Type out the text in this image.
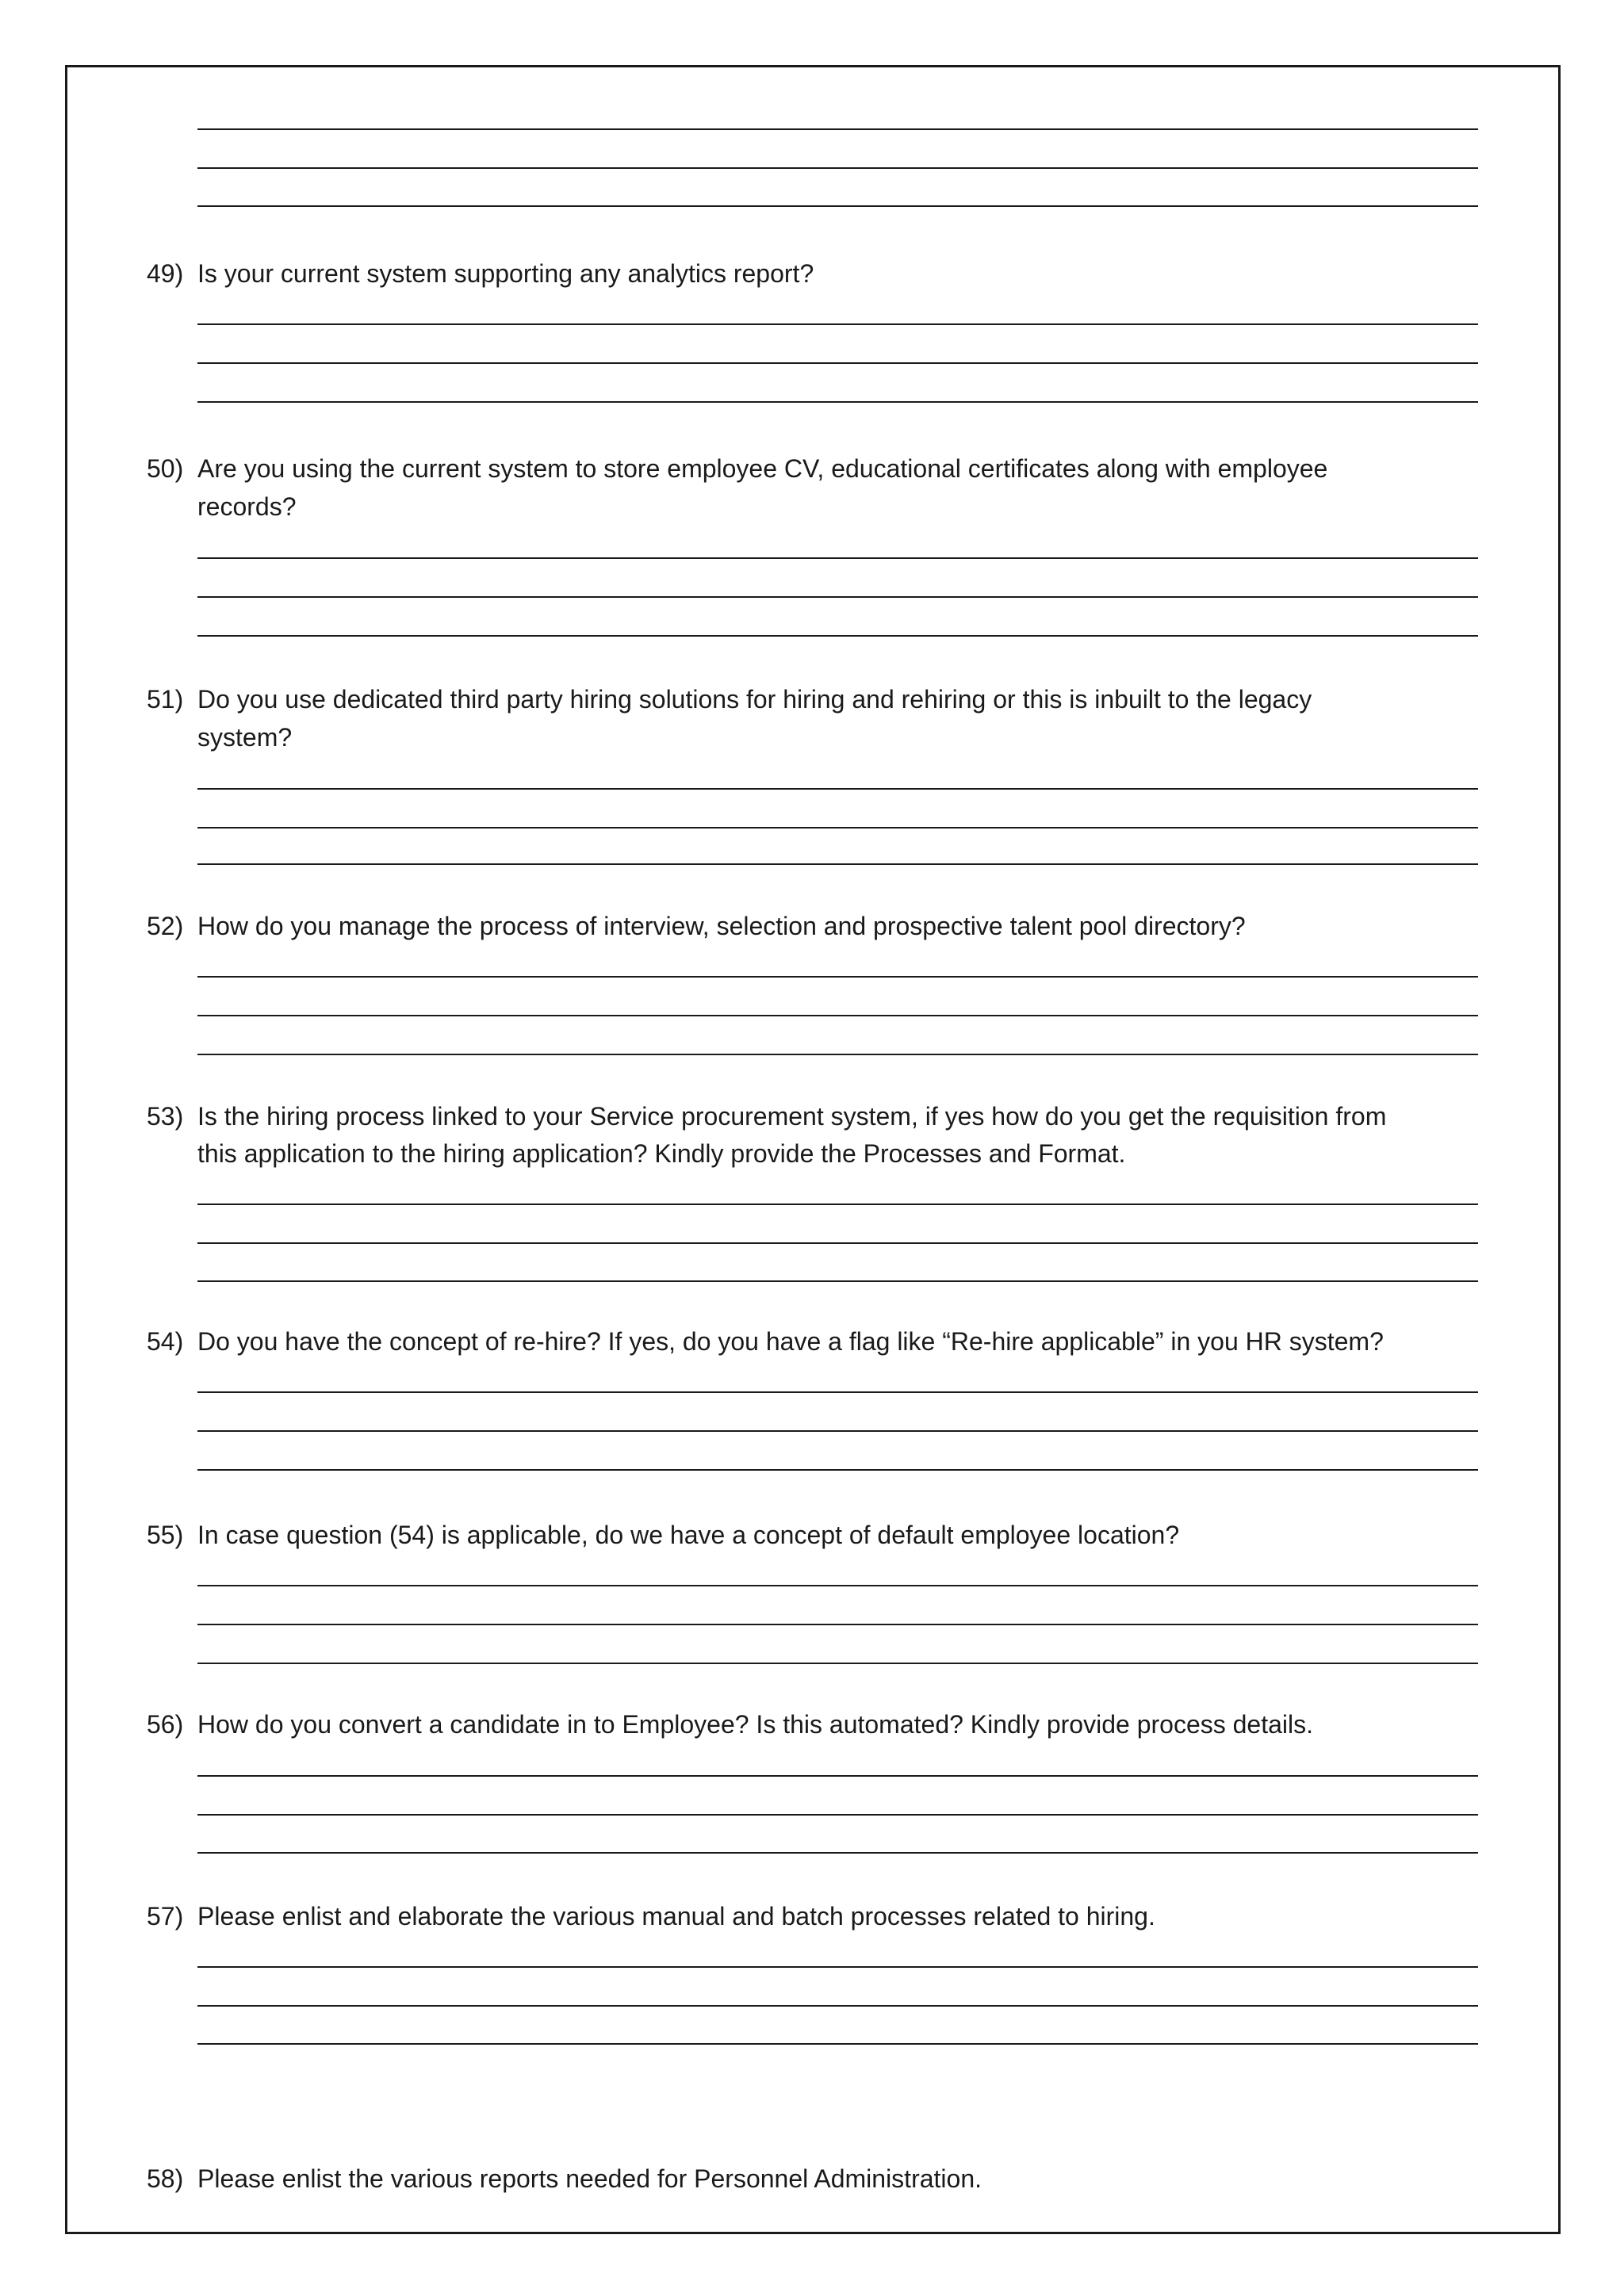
49) Is your current system supporting any analytics report?
50) Are you using the current system to store employee CV, educational certificates along with employee
records?
51) Do you use dedicated third party hiring solutions for hiring and rehiring or this is inbuilt to the legacy
system?
52) How do you manage the process of interview, selection and prospective talent pool directory?
53) Is the hiring process linked to your Service procurement system, if yes how do you get the requisition from
this application to the hiring application? Kindly provide the Processes and Format.
54) Do you have the concept of re-hire? If yes, do you have a flag like “Re-hire applicable” in you HR system?
55) In case question (54) is applicable, do we have a concept of default employee location?
56) How do you convert a candidate in to Employee? Is this automated? Kindly provide process details.
57) Please enlist and elaborate the various manual and batch processes related to hiring.
58) Please enlist the various reports needed for Personnel Administration.
